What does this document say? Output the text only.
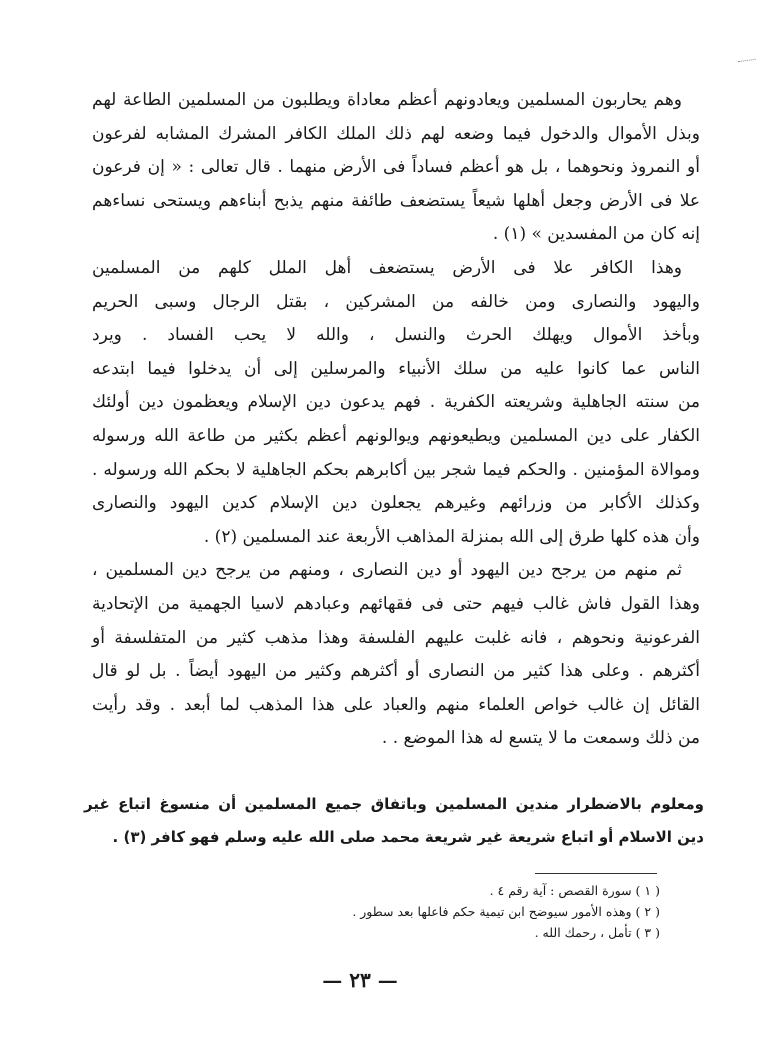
وهم يحاربون المسلمين ويعادونهم أعظم معاداة ويطلبون من المسلمين الطاعة لهم
وبذل الأموال والدخول فيما وضعه لهم ذلك الملك الكافر المشرك المشابه لفرعون
أو النمروذ ونحوهما ، بل هو أعظم فساداً فى الأرض منهما . قال تعالى : « إن فرعون
علا فى الأرض وجعل أهلها شيعاً يستضعف طائفة منهم يذبح أبناءهم ويستحى نساءهم
إنه كان من المفسدين » (١) .

وهذا الكافر علا فى الأرض يستضعف أهل الملل كلهم من المسلمين
واليهود والنصارى ومن خالفه من المشركين ، بقتل الرجال وسبى الحريم
وبأخذ الأموال ويهلك الحرث والنسل ، والله لا يحب الفساد . ويرد
الناس عما كانوا عليه من سلك الأنبياء والمرسلين إلى أن يدخلوا فيما ابتدعه
من سنته الجاهلية وشريعته الكفرية . فهم يدعون دين الإسلام ويعظمون دين أولئك
الكفار على دين المسلمين ويطيعونهم ويوالونهم أعظم بكثير من طاعة الله ورسوله
وموالاة المؤمنين . والحكم فيما شجر بين أكابرهم بحكم الجاهلية لا بحكم الله ورسوله .
وكذلك الأكابر من وزرائهم وغيرهم يجعلون دين الإسلام كدين اليهود والنصارى
وأن هذه كلها طرق إلى الله بمنزلة المذاهب الأربعة عند المسلمين (٢) .

ثم منهم من يرجح دين اليهود أو دين النصارى ، ومنهم من يرجح دين المسلمين ،
وهذا القول فاش غالب فيهم حتى فى فقهائهم وعبادهم لاسيا الجهمية من الإتحادية
الفرعونية ونحوهم ، فانه غلبت عليهم الفلسفة وهذا مذهب كثير من المتفلسفة أو
أكثرهم . وعلى هذا كثير من النصارى أو أكثرهم وكثير من اليهود أيضاً . بل لو قال
القائل إن غالب خواص العلماء منهم والعباد على هذا المذهب لما أبعد . وقد رأيت
من ذلك وسمعت ما لا يتسع له هذا الموضع . .

ومعلوم بالاضطرار مندين المسلمين وباتفاق جميع المسلمين أن منسوغ اتباع غير
دين الاسلام أو اتباع شريعة غير شريعة محمد صلى الله عليه وسلم فهو كافر (٣) .
( ١ ) سورة القصص : آية رقم ٤ .
( ٢ ) وهذه الأمور سيوضح ابن تيمية حكم فاعلها بعد سطور .
( ٣ ) تأمل ، رحمك الله .
— ٢٣ —
